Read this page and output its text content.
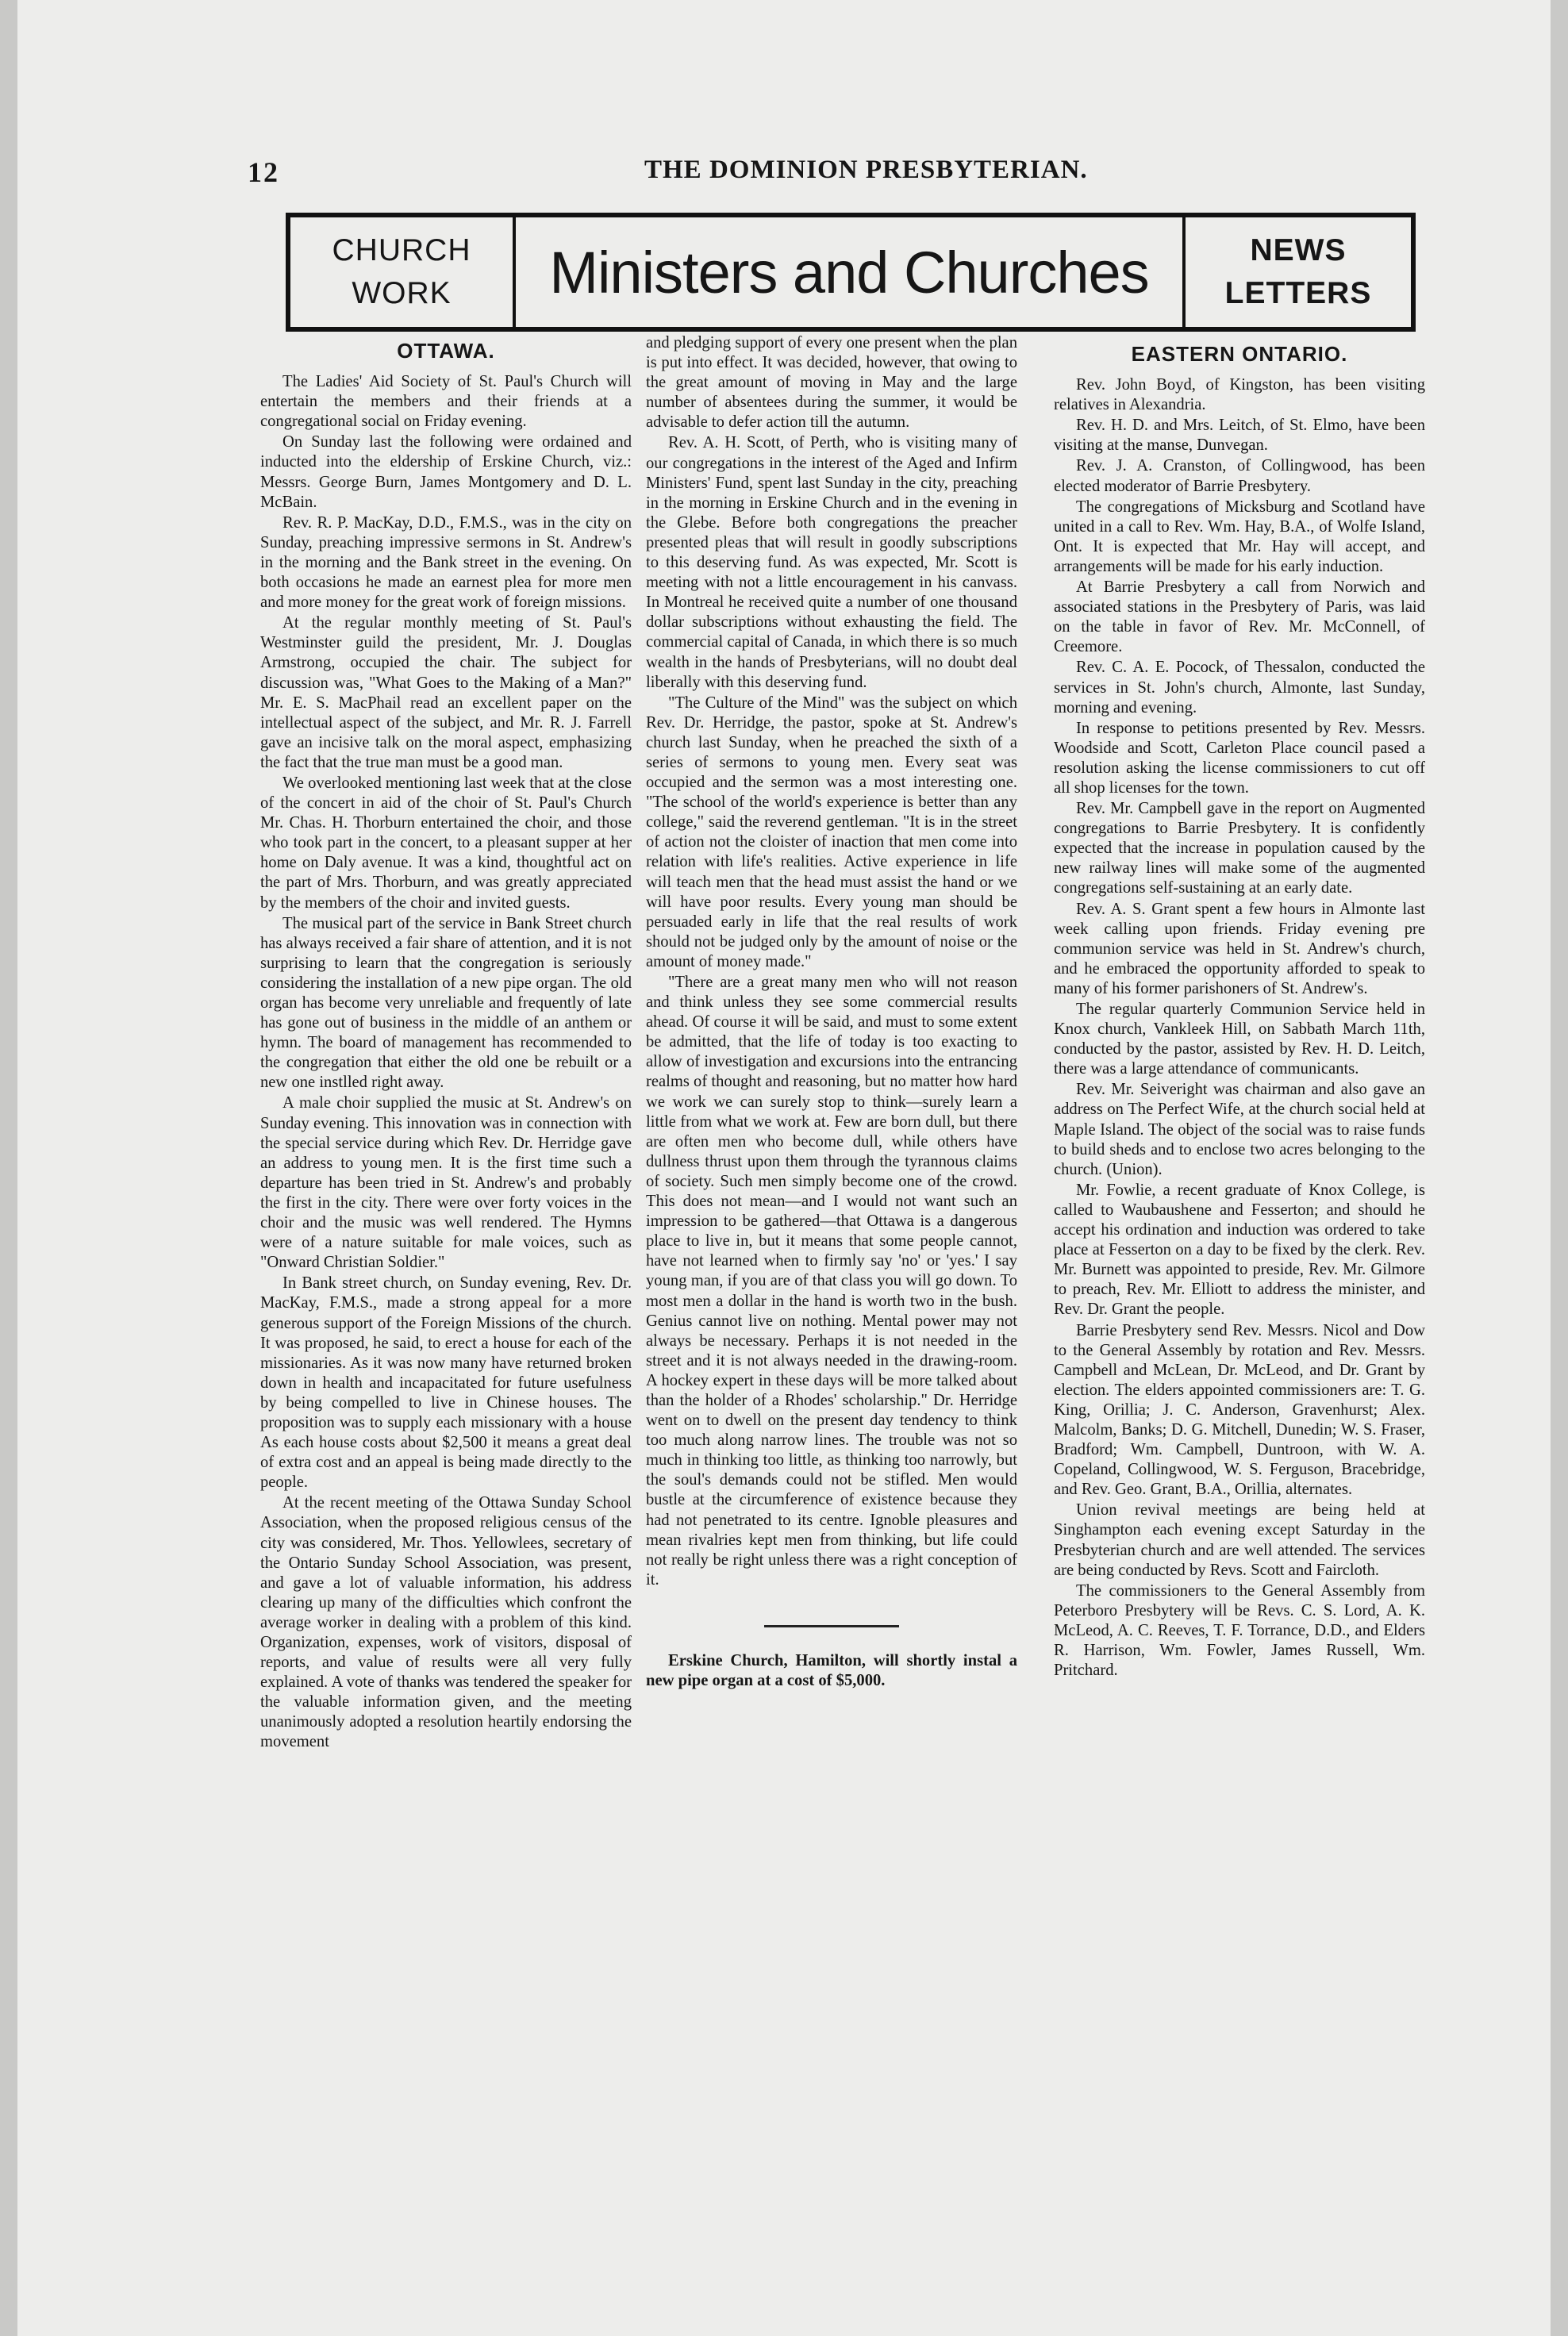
12	THE DOMINION PRESBYTERIAN.
CHURCH
WORK	Ministers and Churches	NEWS
LETTERS
OTTAWA.

The Ladies' Aid Society of St. Paul's Church will entertain the members and their friends at a congregational social on Friday evening.

On Sunday last the following were ordained and inducted into the eldership of Erskine Church, viz.: Messrs. George Burn, James Montgomery and D. L. McBain.

Rev. R. P. MacKay, D.D., F.M.S., was in the city on Sunday, preaching impressive sermons in St. Andrew's in the morning and the Bank street in the evening. On both occasions he made an earnest plea for more men and more money for the great work of foreign missions.

At the regular monthly meeting of St. Paul's Westminster guild the president, Mr. J. Douglas Armstrong, occupied the chair. The subject for discussion was, "What Goes to the Making of a Man?" Mr. E. S. MacPhail read an excellent paper on the intellectual aspect of the subject, and Mr. R. J. Farrell gave an incisive talk on the moral aspect, emphasizing the fact that the true man must be a good man.

We overlooked mentioning last week that at the close of the concert in aid of the choir of St. Paul's Church Mr. Chas. H. Thorburn entertained the choir, and those who took part in the concert, to a pleasant supper at her home on Daly avenue. It was a kind, thoughtful act on the part of Mrs. Thorburn, and was greatly appreciated by the members of the choir and invited guests.

The musical part of the service in Bank Street church has always received a fair share of attention, and it is not surprising to learn that the congregation is seriously considering the installation of a new pipe organ. The old organ has become very unreliable and frequently of late has gone out of business in the middle of an anthem or hymn. The board of management has recommended to the congregation that either the old one be rebuilt or a new one instlled right away.

A male choir supplied the music at St. Andrew's on Sunday evening. This innovation was in connection with the special service during which Rev. Dr. Herridge gave an address to young men. It is the first time such a departure has been tried in St. Andrew's and probably the first in the city. There were over forty voices in the choir and the music was well rendered. The Hymns were of a nature suitable for male voices, such as "Onward Christian Soldier."

In Bank street church, on Sunday evening, Rev. Dr. MacKay, F.M.S., made a strong appeal for a more generous support of the Foreign Missions of the church. It was proposed, he said, to erect a house for each of the missionaries. As it was now many have returned broken down in health and incapacitated for future usefulness by being compelled to live in Chinese houses. The proposition was to supply each missionary with a house As each house costs about $2,500 it means a great deal of extra cost and an appeal is being made directly to the people.

At the recent meeting of the Ottawa Sunday School Association, when the proposed religious census of the city was considered, Mr. Thos. Yellowlees, secretary of the Ontario Sunday School Association, was present, and gave a lot of valuable information, his address clearing up many of the difficulties which confront the average worker in dealing with a problem of this kind. Organization, expenses, work of visitors, disposal of reports, and value of results were all very fully explained. A vote of thanks was tendered the speaker for the valuable information given, and the meeting unanimously adopted a resolution heartily endorsing the movement

and pledging support of every one present when the plan is put into effect. It was decided, however, that owing to the great amount of moving in May and the large number of absentees during the summer, it would be advisable to defer action till the autumn.

Rev. A. H. Scott, of Perth, who is visiting many of our congregations in the interest of the Aged and Infirm Ministers' Fund, spent last Sunday in the city, preaching in the morning in Erskine Church and in the evening in the Glebe. Before both congregations the preacher presented pleas that will result in goodly subscriptions to this deserving fund. As was expected, Mr. Scott is meeting with not a little encouragement in his canvass. In Montreal he received quite a number of one thousand dollar subscriptions without exhausting the field. The commercial capital of Canada, in which there is so much wealth in the hands of Presbyterians, will no doubt deal liberally with this deserving fund.

"The Culture of the Mind" was the subject on which Rev. Dr. Herridge, the pastor, spoke at St. Andrew's church last Sunday, when he preached the sixth of a series of sermons to young men. Every seat was occupied and the sermon was a most interesting one. "The school of the world's experience is better than any college," said the reverend gentleman. "It is in the street of action not the cloister of inaction that men come into relation with life's realities. Active experience in life will teach men that the head must assist the hand or we will have poor results. Every young man should be persuaded early in life that the real results of work should not be judged only by the amount of noise or the amount of money made."

"There are a great many men who will not reason and think unless they see some commercial results ahead. Of course it will be said, and must to some extent be admitted, that the life of today is too exacting to allow of investigation and excursions into the entrancing realms of thought and reasoning, but no matter how hard we work we can surely stop to think—surely learn a little from what we work at. Few are born dull, but there are often men who become dull, while others have dullness thrust upon them through the tyrannous claims of society. Such men simply become one of the crowd. This does not mean—and I would not want such an impression to be gathered—that Ottawa is a dangerous place to live in, but it means that some people cannot, have not learned when to firmly say 'no' or 'yes.' I say young man, if you are of that class you will go down. To most men a dollar in the hand is worth two in the bush. Genius cannot live on nothing. Mental power may not always be necessary. Perhaps it is not needed in the street and it is not always needed in the drawing-room. A hockey expert in these days will be more talked about than the holder of a Rhodes' scholarship." Dr. Herridge went on to dwell on the present day tendency to think too much along narrow lines. The trouble was not so much in thinking too little, as thinking too narrowly, but the soul's demands could not be stifled. Men would bustle at the circumference of existence because they had not penetrated to its centre. Ignoble pleasures and mean rivalries kept men from thinking, but life could not really be right unless there was a right conception of it.

Erskine Church, Hamilton, will shortly instal a new pipe organ at a cost of $5,000.

EASTERN ONTARIO.

Rev. John Boyd, of Kingston, has been visiting relatives in Alexandria.

Rev. H. D. and Mrs. Leitch, of St. Elmo, have been visiting at the manse, Dunvegan.

Rev. J. A. Cranston, of Collingwood, has been elected moderator of Barrie Presbytery.

The congregations of Micksburg and Scotland have united in a call to Rev. Wm. Hay, B.A., of Wolfe Island, Ont. It is expected that Mr. Hay will accept, and arrangements will be made for his early induction.

At Barrie Presbytery a call from Norwich and associated stations in the Presbytery of Paris, was laid on the table in favor of Rev. Mr. McConnell, of Creemore.

Rev. C. A. E. Pocock, of Thessalon, conducted the services in St. John's church, Almonte, last Sunday, morning and evening.

In response to petitions presented by Rev. Messrs. Woodside and Scott, Carleton Place council pased a resolution asking the license commissioners to cut off all shop licenses for the town.

Rev. Mr. Campbell gave in the report on Augmented congregations to Barrie Presbytery. It is confidently expected that the increase in population caused by the new railway lines will make some of the augmented congregations self-sustaining at an early date.

Rev. A. S. Grant spent a few hours in Almonte last week calling upon friends. Friday evening pre communion service was held in St. Andrew's church, and he embraced the opportunity afforded to speak to many of his former parishoners of St. Andrew's.

The regular quarterly Communion Service held in Knox church, Vankleek Hill, on Sabbath March 11th, conducted by the pastor, assisted by Rev. H. D. Leitch, there was a large attendance of communicants.

Rev. Mr. Seiveright was chairman and also gave an address on The Perfect Wife, at the church social held at Maple Island. The object of the social was to raise funds to build sheds and to enclose two acres belonging to the church. (Union).

Mr. Fowlie, a recent graduate of Knox College, is called to Waubaushene and Fesserton; and should he accept his ordination and induction was ordered to take place at Fesserton on a day to be fixed by the clerk. Rev. Mr. Burnett was appointed to preside, Rev. Mr. Gilmore to preach, Rev. Mr. Elliott to address the minister, and Rev. Dr. Grant the people.

Barrie Presbytery send Rev. Messrs. Nicol and Dow to the General Assembly by rotation and Rev. Messrs. Campbell and McLean, Dr. McLeod, and Dr. Grant by election. The elders appointed commissioners are: T. G. King, Orillia; J. C. Anderson, Gravenhurst; Alex. Malcolm, Banks; D. G. Mitchell, Dunedin; W. S. Fraser, Bradford; Wm. Campbell, Duntroon, with W. A. Copeland, Collingwood, W. S. Ferguson, Bracebridge, and Rev. Geo. Grant, B.A., Orillia, alternates.

Union revival meetings are being held at Singhampton each evening except Saturday in the Presbyterian church and are well attended. The services are being conducted by Revs. Scott and Faircloth.

The commissioners to the General Assembly from Peterboro Presbytery will be Revs. C. S. Lord, A. K. McLeod, A. C. Reeves, T. F. Torrance, D.D., and Elders R. Harrison, Wm. Fowler, James Russell, Wm. Pritchard.
